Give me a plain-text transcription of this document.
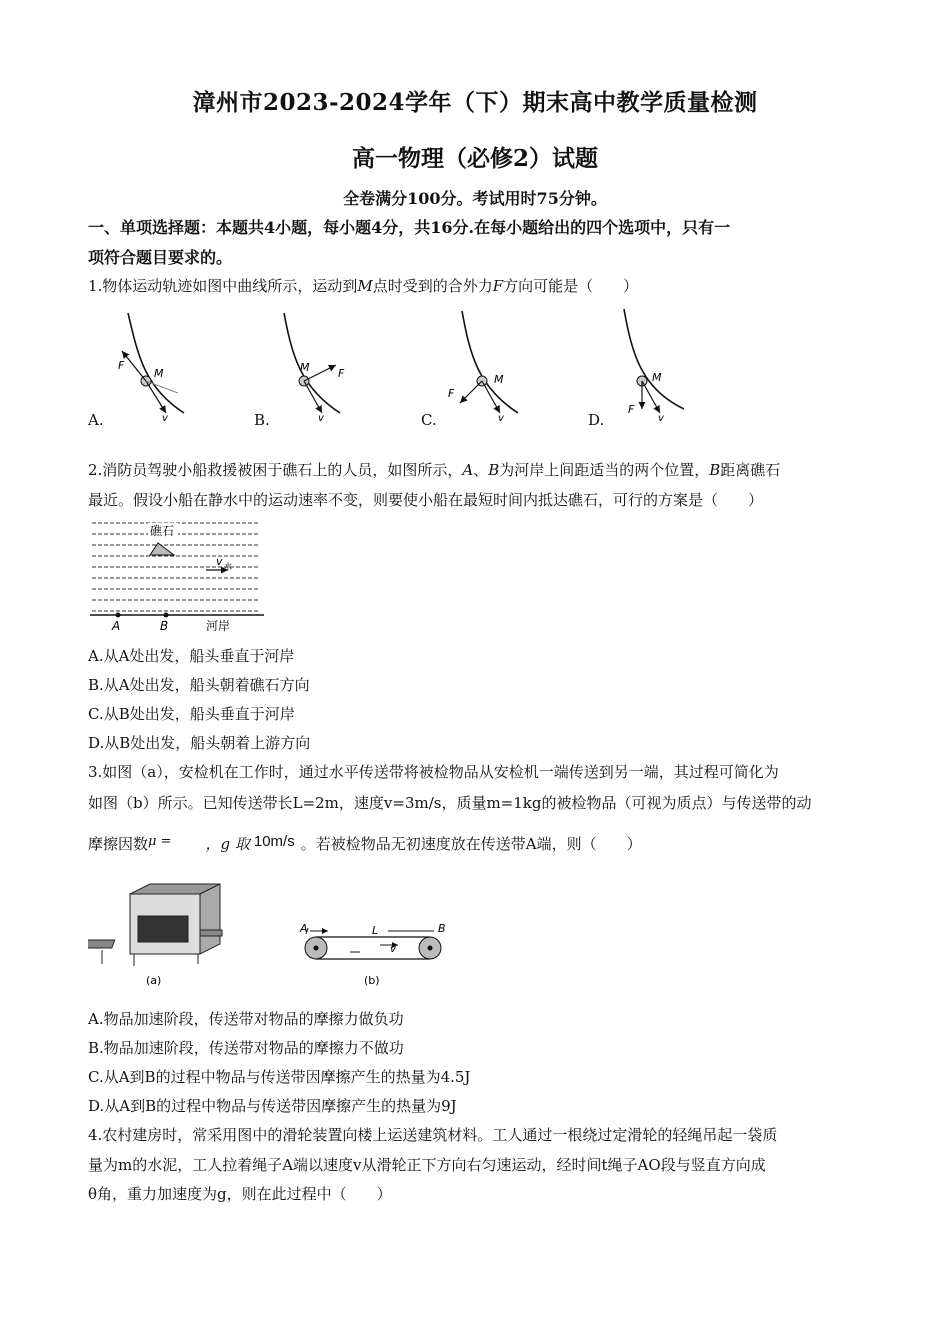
漳州市2023-2024学年（下）期末高中教学质量检测
高一物理（必修2）试题
全卷满分100分。考试用时75分钟。
一、单项选择题：本题共4小题，每小题4分，共16分.在每小题给出的四个选项中，只有一
项符合题目要求的。
1.物体运动轨迹如图中曲线所示，运动到M点时受到的合外力F方向可能是（　　）
F
M
v
F
M
v
F
M
v
F
M
v
A.	B.	C.	D.
2.消防员驾驶小船救援被困于礁石上的人员，如图所示，A、B为河岸上间距适当的两个位置，B距离礁石
最近。假设小船在静水中的运动速率不变，则要使小船在最短时间内抵达礁石，可行的方案是（　　）
礁石
v 水
A	B	河岸
A.从A处出发，船头垂直于河岸
B.从A处出发，船头朝着礁石方向
C.从B处出发，船头垂直于河岸
D.从B处出发，船头朝着上游方向
3.如图（a），安检机在工作时，通过水平传送带将被检物品从安检机一端传送到另一端，其过程可简化为
如图（b）所示。已知传送带长L=2m，速度v=3m/s，质量m=1kg的被检物品（可视为质点）与传送带的动
摩擦因数μ = ，g 取 10m/s 。若被检物品无初速度放在传送带A端，则（　　）
(a)
A	B
L
v
(b)
A.物品加速阶段，传送带对物品的摩擦力做负功
B.物品加速阶段，传送带对物品的摩擦力不做功
C.从A到B的过程中物品与传送带因摩擦产生的热量为4.5J
D.从A到B的过程中物品与传送带因摩擦产生的热量为9J
4.农村建房时，常采用图中的滑轮装置向楼上运送建筑材料。工人通过一根绕过定滑轮的轻绳吊起一袋质
量为m的水泥，工人拉着绳子A端以速度v从滑轮正下方向右匀速运动，经时间t绳子AO段与竖直方向成
θ角，重力加速度为g，则在此过程中（　　）
